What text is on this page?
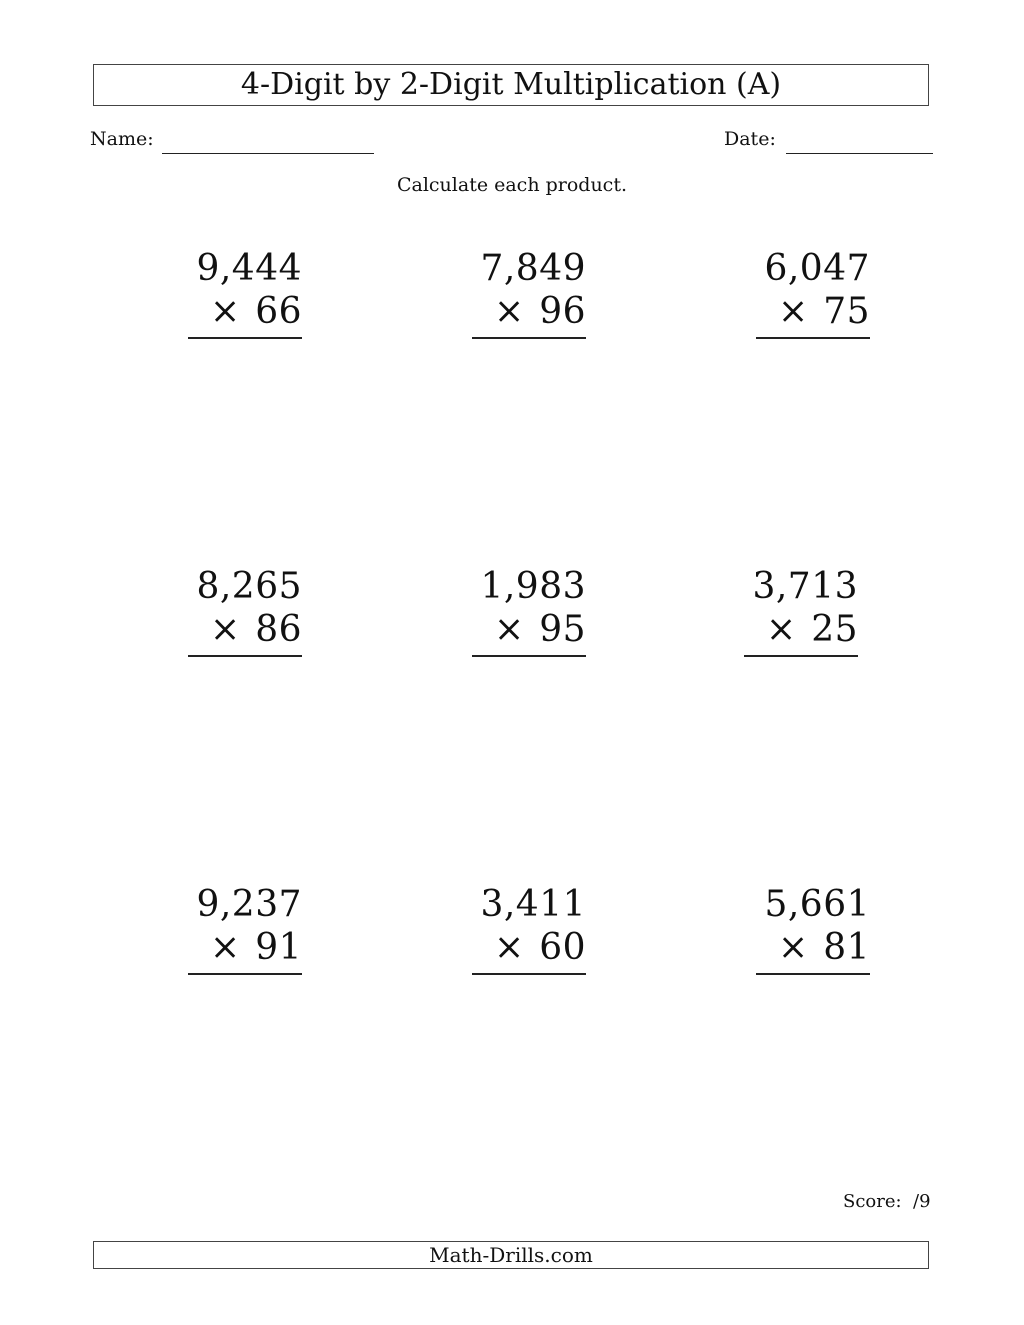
4-Digit by 2-Digit Multiplication (A)
Name:	Date:
Calculate each product.
9,444
× 66
7,849
× 96
6,047
× 75
8,265
× 86
1,983
× 95
3,713
× 25
9,237
× 91
3,411
× 60
5,661
× 81
Score: /9
Math-Drills.com
